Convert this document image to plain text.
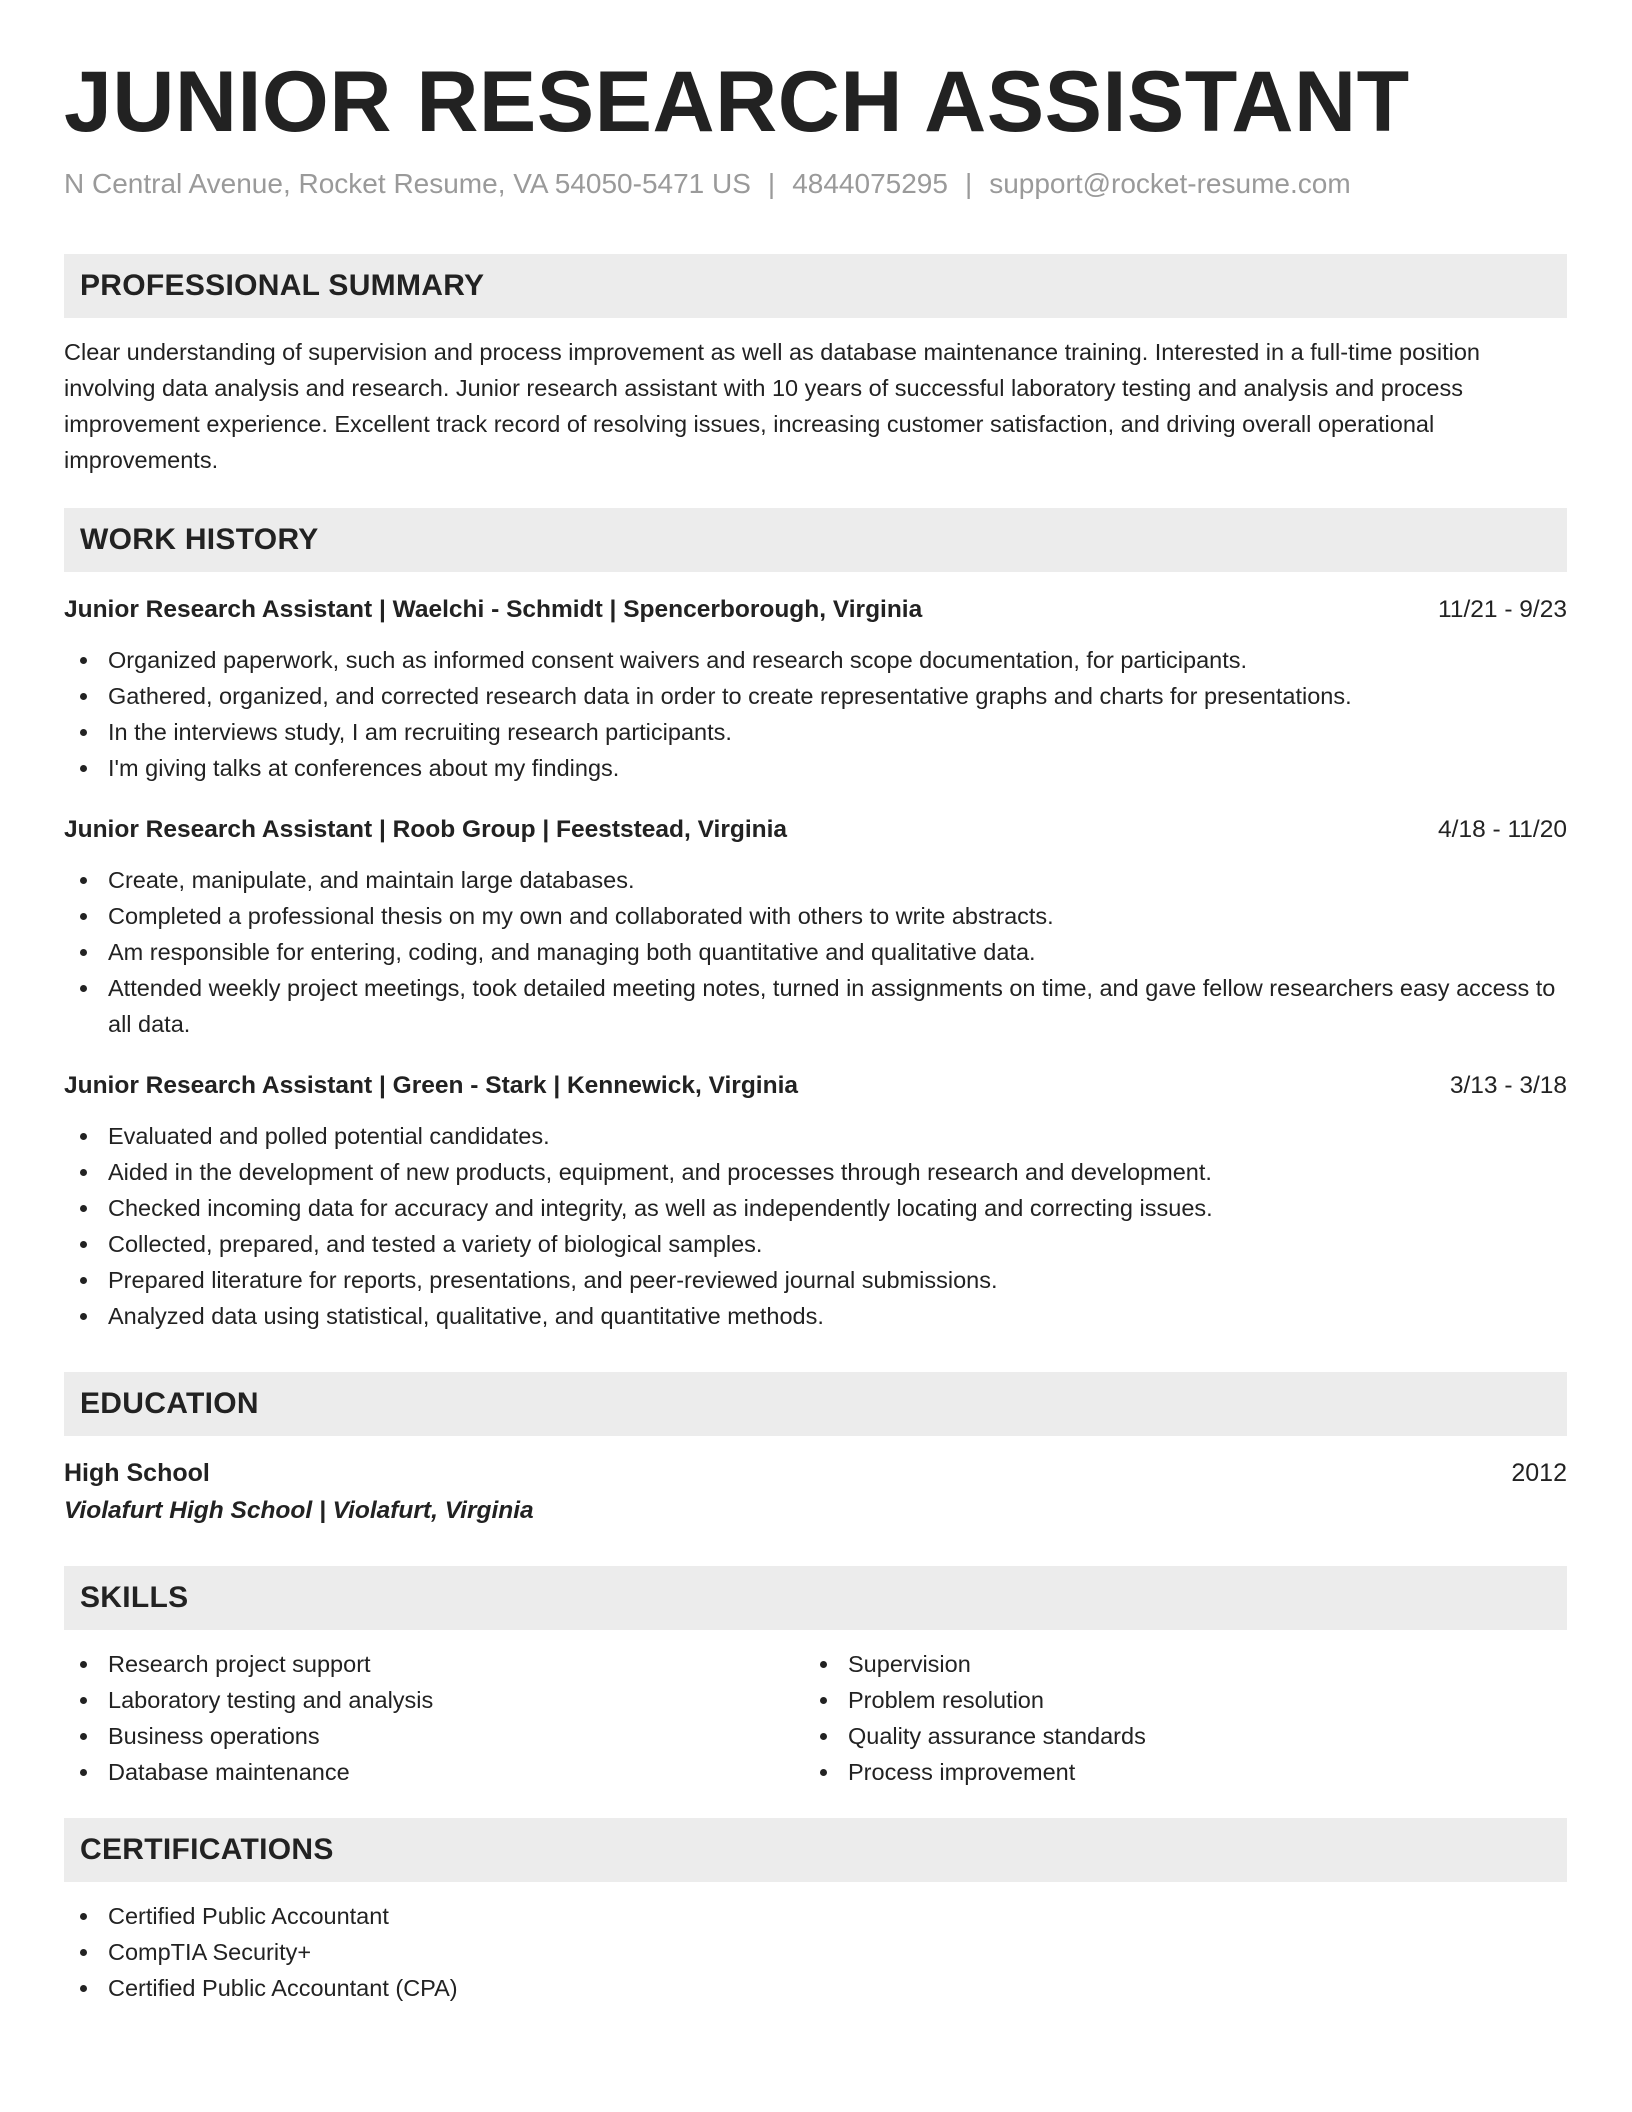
JUNIOR RESEARCH ASSISTANT
N Central Avenue, Rocket Resume, VA 54050-5471 US | 4844075295 | support@rocket-resume.com
PROFESSIONAL SUMMARY

Clear understanding of supervision and process improvement as well as database maintenance training. Interested in a full-time position involving data analysis and research. Junior research assistant with 10 years of successful laboratory testing and analysis and process improvement experience. Excellent track record of resolving issues, increasing customer satisfaction, and driving overall operational improvements.

WORK HISTORY
Junior Research Assistant | Waelchi - Schmidt | Spencerborough, Virginia	11/21 - 9/23
Organized paperwork, such as informed consent waivers and research scope documentation, for participants.
Gathered, organized, and corrected research data in order to create representative graphs and charts for presentations.
In the interviews study, I am recruiting research participants.
I'm giving talks at conferences about my findings.
Junior Research Assistant | Roob Group | Feeststead, Virginia	4/18 - 11/20
Create, manipulate, and maintain large databases.
Completed a professional thesis on my own and collaborated with others to write abstracts.
Am responsible for entering, coding, and managing both quantitative and qualitative data.
Attended weekly project meetings, took detailed meeting notes, turned in assignments on time, and gave fellow researchers easy access to all data.
Junior Research Assistant | Green - Stark | Kennewick, Virginia	3/13 - 3/18
Evaluated and polled potential candidates.
Aided in the development of new products, equipment, and processes through research and development.
Checked incoming data for accuracy and integrity, as well as independently locating and correcting issues.
Collected, prepared, and tested a variety of biological samples.
Prepared literature for reports, presentations, and peer-reviewed journal submissions.
Analyzed data using statistical, qualitative, and quantitative methods.
EDUCATION
High School	2012
Violafurt High School | Violafurt, Virginia
SKILLS
Research project support
Laboratory testing and analysis
Business operations
Database maintenance
Supervision
Problem resolution
Quality assurance standards
Process improvement
CERTIFICATIONS
Certified Public Accountant
CompTIA Security+
Certified Public Accountant (CPA)
